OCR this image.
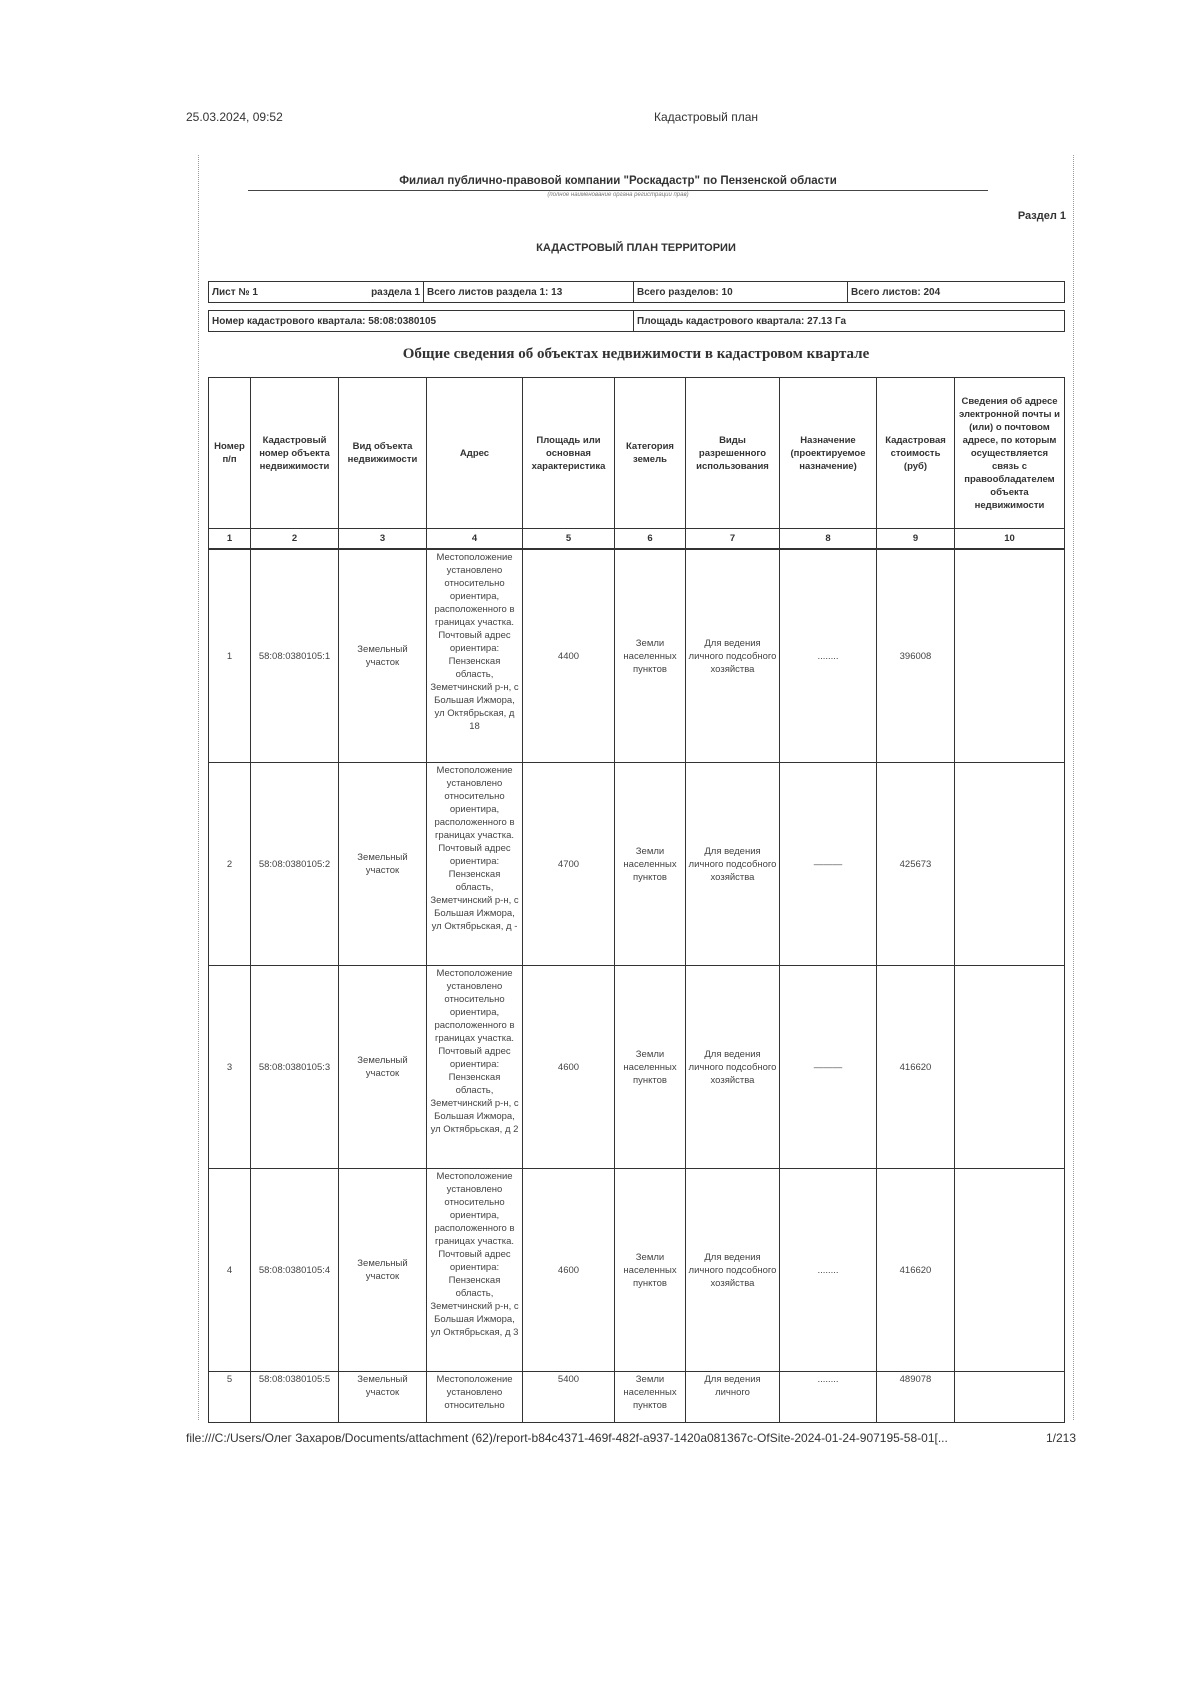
25.03.2024, 09:52	Кадастровый план
Филиал публично-правовой компании "Роскадастр" по Пензенской области
(полное наименование органа регистрации прав)
Раздел 1
КАДАСТРОВЫЙ ПЛАН ТЕРРИТОРИИ
Лист № 1	раздела 1	Всего листов раздела 1: 13	Всего разделов: 10	Всего листов: 204
Номер кадастрового квартала: 58:08:0380105	Площадь кадастрового квартала: 27.13 Га
Общие сведения об объектах недвижимости в кадастровом квартале
Номер п/п	Кадастровый номер объекта недвижимости	Вид объекта недвижимости	Адрес	Площадь или основная характеристика	Категория земель	Виды разрешенного использования	Назначение (проектируемое назначение)	Кадастровая стоимость (руб)	Сведения об адресе электронной почты и (или) о почтовом адресе, по которым осуществляется связь с правообладателем объекта недвижимости
1	2	3	4	5	6	7	8	9	10
1	58:08:0380105:1	Земельный участок	Местоположение установлено относительно ориентира, расположенного в границах участка. Почтовый адрес ориентира: Пензенская область, Земетчинский р-н, с Большая Ижмора, ул Октябрьская, д 18	4400	Земли населенных пунктов	Для ведения личного подсобного хозяйства	........	396008	
2	58:08:0380105:2	Земельный участок	Местоположение установлено относительно ориентира, расположенного в границах участка. Почтовый адрес ориентира: Пензенская область, Земетчинский р-н, с Большая Ижмора, ул Октябрьская, д -	4700	Земли населенных пунктов	Для ведения личного подсобного хозяйства	———	425673	
3	58:08:0380105:3	Земельный участок	Местоположение установлено относительно ориентира, расположенного в границах участка. Почтовый адрес ориентира: Пензенская область, Земетчинский р-н, с Большая Ижмора, ул Октябрьская, д 2	4600	Земли населенных пунктов	Для ведения личного подсобного хозяйства	———	416620	
4	58:08:0380105:4	Земельный участок	Местоположение установлено относительно ориентира, расположенного в границах участка. Почтовый адрес ориентира: Пензенская область, Земетчинский р-н, с Большая Ижмора, ул Октябрьская, д 3	4600	Земли населенных пунктов	Для ведения личного подсобного хозяйства	........	416620	
5	58:08:0380105:5	Земельный участок	Местоположение установлено относительно	5400	Земли населенных пунктов	Для ведения личного	........	489078	
file:///C:/Users/Олег Захаров/Documents/attachment (62)/report-b84c4371-469f-482f-a937-1420a081367c-OfSite-2024-01-24-907195-58-01[...	1/213
